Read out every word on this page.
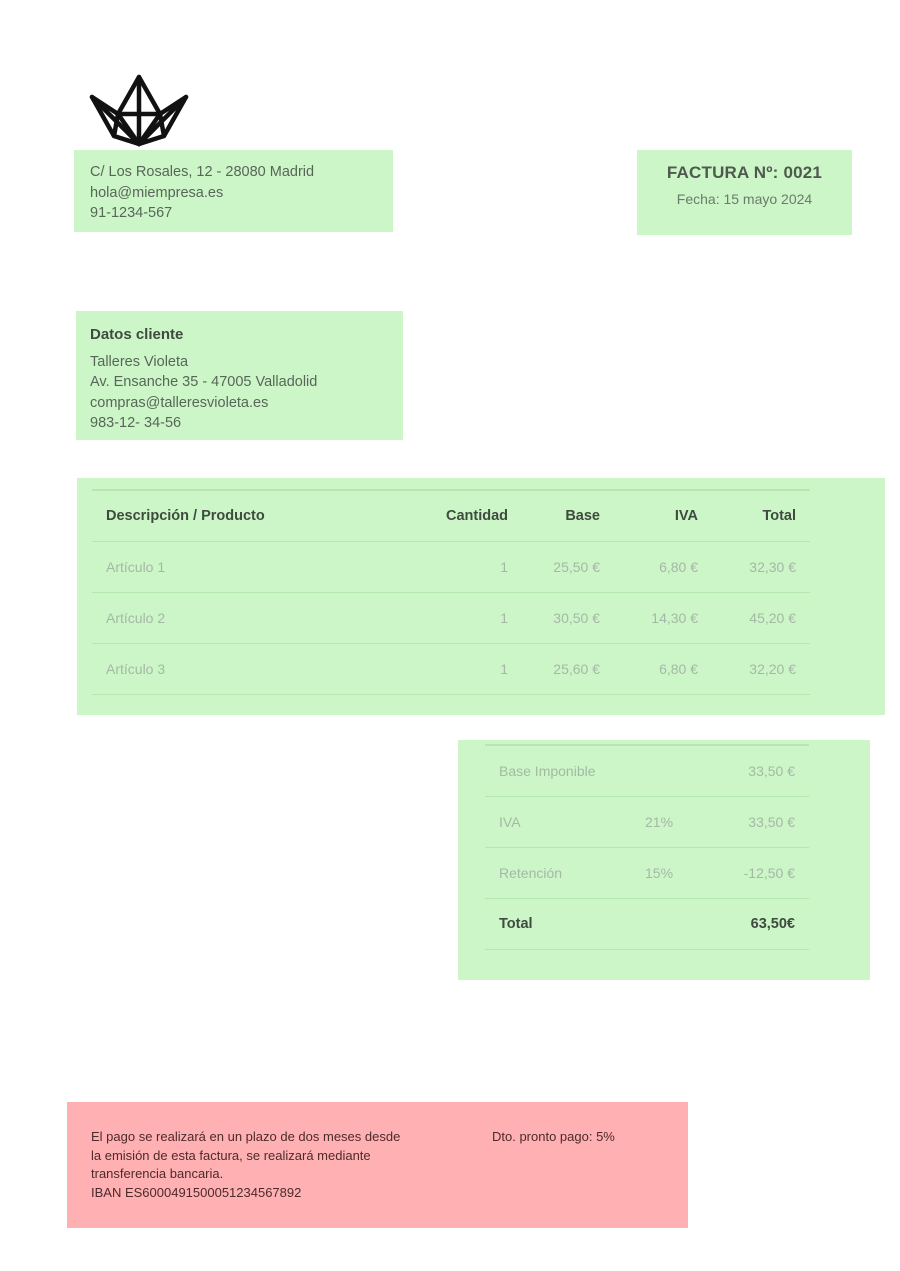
C/ Los Rosales, 12 - 28080 Madrid
hola@miempresa.es
91-1234-567
FACTURA Nº: 0021
Fecha: 15 mayo 2024
Datos cliente
Talleres Violeta
Av. Ensanche 35 - 47005 Valladolid
compras@talleresvioleta.es
983-12- 34-56
Descripción / Producto	Cantidad	Base	IVA	Total
Artículo 1	1	25,50 €	6,80 €	32,30 €
Artículo 2	1	30,50 €	14,30 €	45,20 €
Artículo 3	1	25,60 €	6,80 €	32,20 €
Base Imponible		33,50 €
IVA	21%	33,50 €
Retención	15%	-12,50 €
Total		63,50€
El pago se realizará en un plazo de dos meses desde
la emisión de esta factura, se realizará mediante
transferencia bancaria.
IBAN ES6000491500051234567892
Dto. pronto pago: 5%
